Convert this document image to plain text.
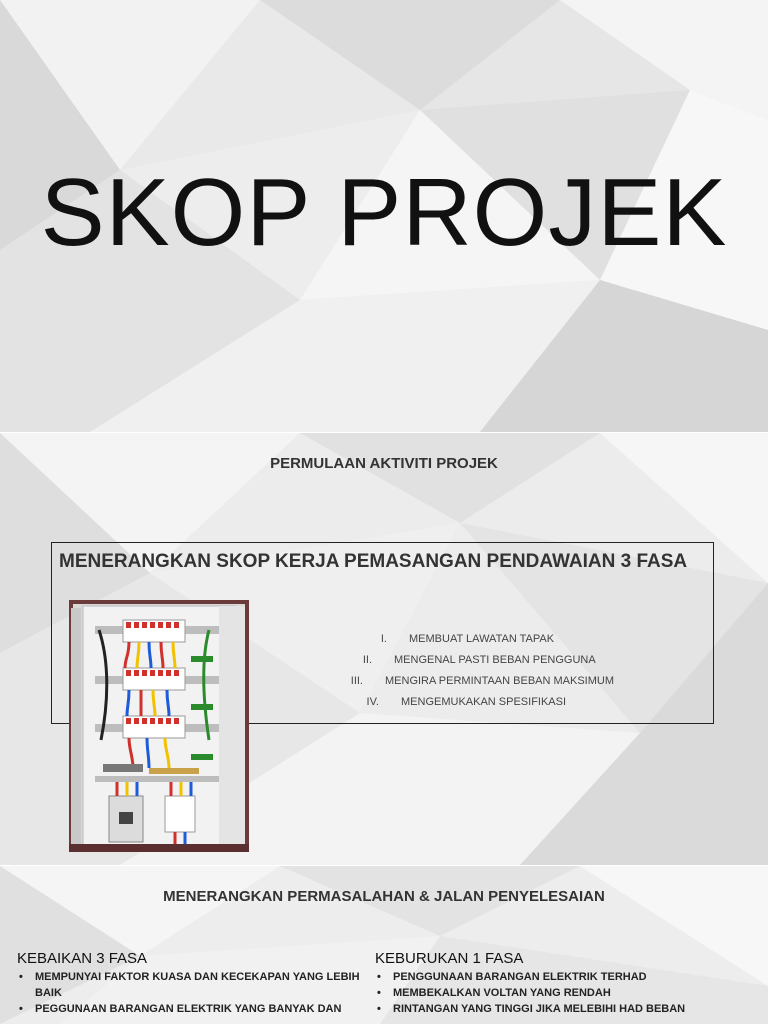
SKOP PROJEK
PERMULAAN AKTIVITI PROJEK
MENERANGKAN SKOP KERJA PEMASANGAN PENDAWAIAN 3 FASA
I. MEMBUAT LAWATAN TAPAK
II. MENGENAL PASTI BEBAN PENGGUNA
III. MENGIRA PERMINTAAN BEBAN MAKSIMUM
IV. MENGEMUKAKAN SPESIFIKASI
MENERANGKAN PERMASALAHAN & JALAN PENYELESAIAN
KEBAIKAN 3 FASA
• MEMPUNYAI FAKTOR KUASA DAN KECEKAPAN YANG LEBIH BAIK
• PEGGUNAAN BARANGAN ELEKTRIK YANG BANYAK DAN
KEBURUKAN 1 FASA
• PENGGUNAAN BARANGAN ELEKTRIK TERHAD
• MEMBEKALKAN VOLTAN YANG RENDAH
• RINTANGAN YANG TINGGI JIKA MELEBIHI HAD BEBAN
